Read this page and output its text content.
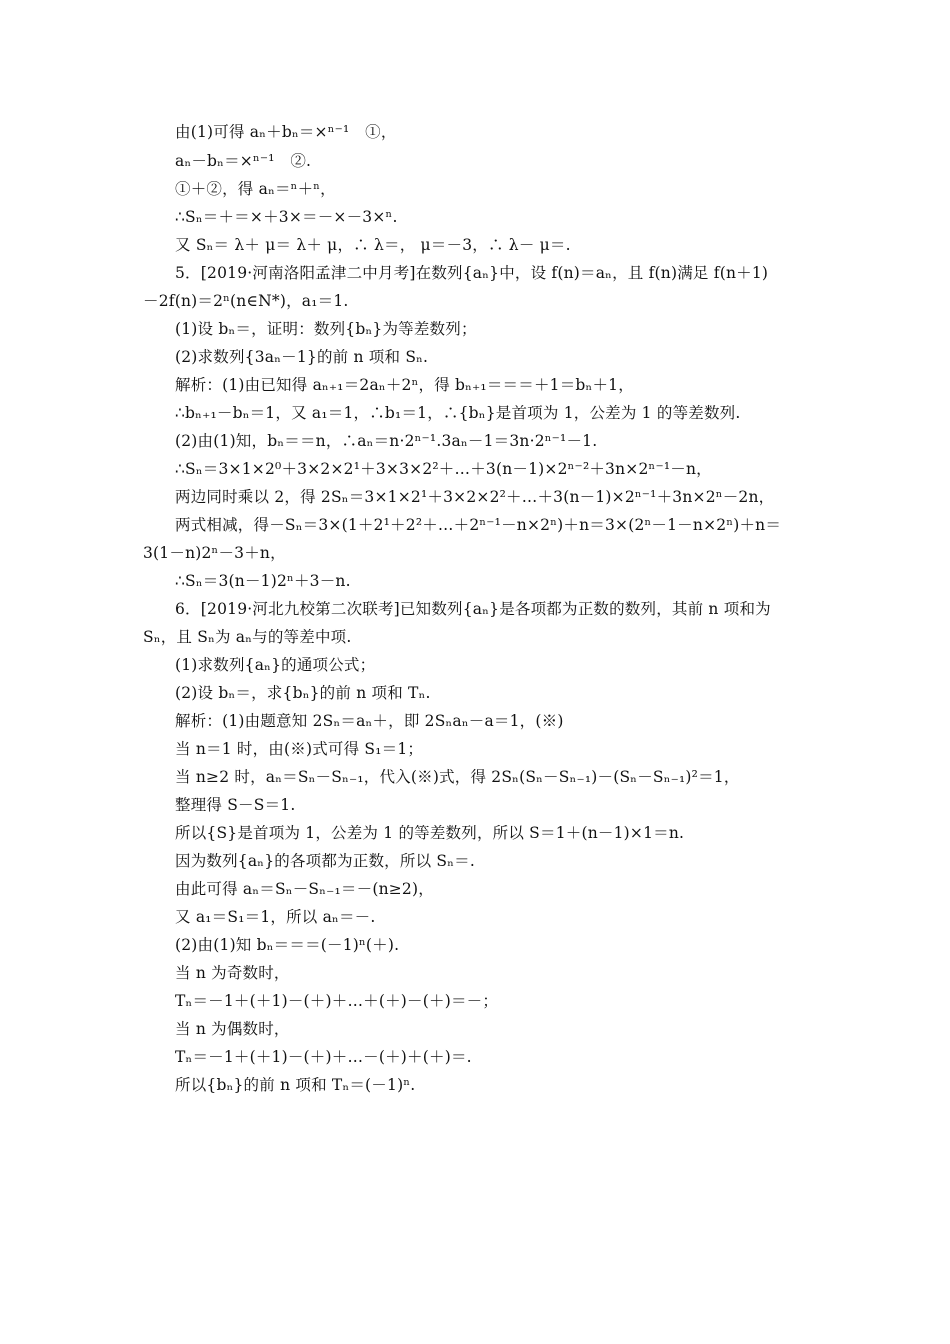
由(1)可得 aₙ＋bₙ＝×ⁿ⁻¹　①，
aₙ－bₙ＝×ⁿ⁻¹　②.
①＋②，得 aₙ＝ⁿ＋ⁿ，
∴Sₙ＝＋＝×＋3×＝－×－3×ⁿ.
又 Sₙ＝ λ＋ μ＝ λ＋ μ，∴ λ＝， μ＝－3，∴ λ－ μ＝.
5．[2019·河南洛阳孟津二中月考]在数列{aₙ}中，设 f(n)＝aₙ，且 f(n)满足 f(n＋1)
－2f(n)＝2ⁿ(n∈N*)，a₁＝1.
(1)设 bₙ＝，证明：数列{bₙ}为等差数列；
(2)求数列{3aₙ－1}的前 n 项和 Sₙ.
解析：(1)由已知得 aₙ₊₁＝2aₙ＋2ⁿ，得 bₙ₊₁＝＝＝＋1＝bₙ＋1，
∴bₙ₊₁－bₙ＝1，又 a₁＝1，∴b₁＝1，∴{bₙ}是首项为 1，公差为 1 的等差数列.
(2)由(1)知，bₙ＝＝n，∴aₙ＝n·2ⁿ⁻¹.3aₙ－1＝3n·2ⁿ⁻¹－1.
∴Sₙ＝3×1×2⁰＋3×2×2¹＋3×3×2²＋…＋3(n－1)×2ⁿ⁻²＋3n×2ⁿ⁻¹－n，
两边同时乘以 2，得 2Sₙ＝3×1×2¹＋3×2×2²＋…＋3(n－1)×2ⁿ⁻¹＋3n×2ⁿ－2n，
两式相减，得－Sₙ＝3×(1＋2¹＋2²＋…＋2ⁿ⁻¹－n×2ⁿ)＋n＝3×(2ⁿ－1－n×2ⁿ)＋n＝
3(1－n)2ⁿ－3＋n，
∴Sₙ＝3(n－1)2ⁿ＋3－n.
6．[2019·河北九校第二次联考]已知数列{aₙ}是各项都为正数的数列，其前 n 项和为
Sₙ，且 Sₙ为 aₙ与的等差中项.
(1)求数列{aₙ}的通项公式；
(2)设 bₙ＝，求{bₙ}的前 n 项和 Tₙ.
解析：(1)由题意知 2Sₙ＝aₙ＋，即 2Sₙaₙ－a＝1，(※)
当 n＝1 时，由(※)式可得 S₁＝1；
当 n≥2 时，aₙ＝Sₙ－Sₙ₋₁，代入(※)式，得 2Sₙ(Sₙ－Sₙ₋₁)－(Sₙ－Sₙ₋₁)²＝1，
整理得 S－S＝1.
所以{S}是首项为 1，公差为 1 的等差数列，所以 S＝1＋(n－1)×1＝n.
因为数列{aₙ}的各项都为正数，所以 Sₙ＝.
由此可得 aₙ＝Sₙ－Sₙ₋₁＝－(n≥2)，
又 a₁＝S₁＝1，所以 aₙ＝－.
(2)由(1)知 bₙ＝＝＝(－1)ⁿ(＋).
当 n 为奇数时，
Tₙ＝－1＋(＋1)－(＋)＋…＋(＋)－(＋)＝－；
当 n 为偶数时，
Tₙ＝－1＋(＋1)－(＋)＋…－(＋)＋(＋)＝.
所以{bₙ}的前 n 项和 Tₙ＝(－1)ⁿ.
